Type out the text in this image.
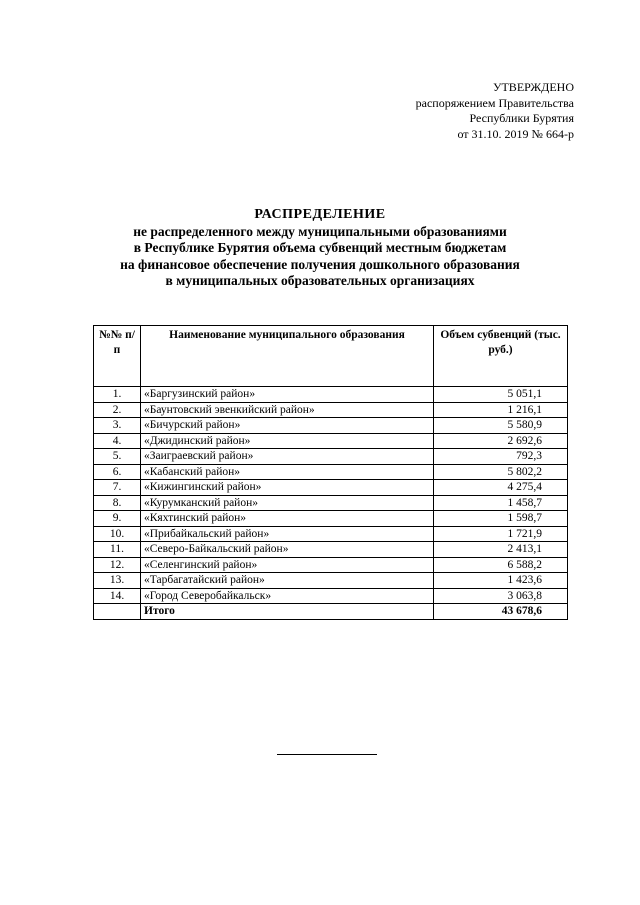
УТВЕРЖДЕНО
распоряжением Правительства
Республики Бурятия
от 31.10. 2019 № 664-р
РАСПРЕДЕЛЕНИЕ
не распределенного между муниципальными образованиями
в Республике Бурятия объема субвенций местным бюджетам
на финансовое обеспечение получения дошкольного образования
в муниципальных образовательных организациях
№№ п/п	Наименование муниципального образования	Объем субвенций (тыс. руб.)
1.	«Баргузинский район»	5 051,1
2.	«Баунтовский эвенкийский район»	1 216,1
3.	«Бичурский район»	5 580,9
4.	«Джидинский район»	2 692,6
5.	«Заиграевский район»	792,3
6.	«Кабанский район»	5 802,2
7.	«Кижингинский район»	4 275,4
8.	«Курумканский район»	1 458,7
9.	«Кяхтинский район»	1 598,7
10.	«Прибайкальский район»	1 721,9
11.	«Северо-Байкальский район»	2 413,1
12.	«Селенгинский район»	6 588,2
13.	«Тарбагатайский район»	1 423,6
14.	«Город Северобайкальск»	3 063,8
	Итого	43 678,6
